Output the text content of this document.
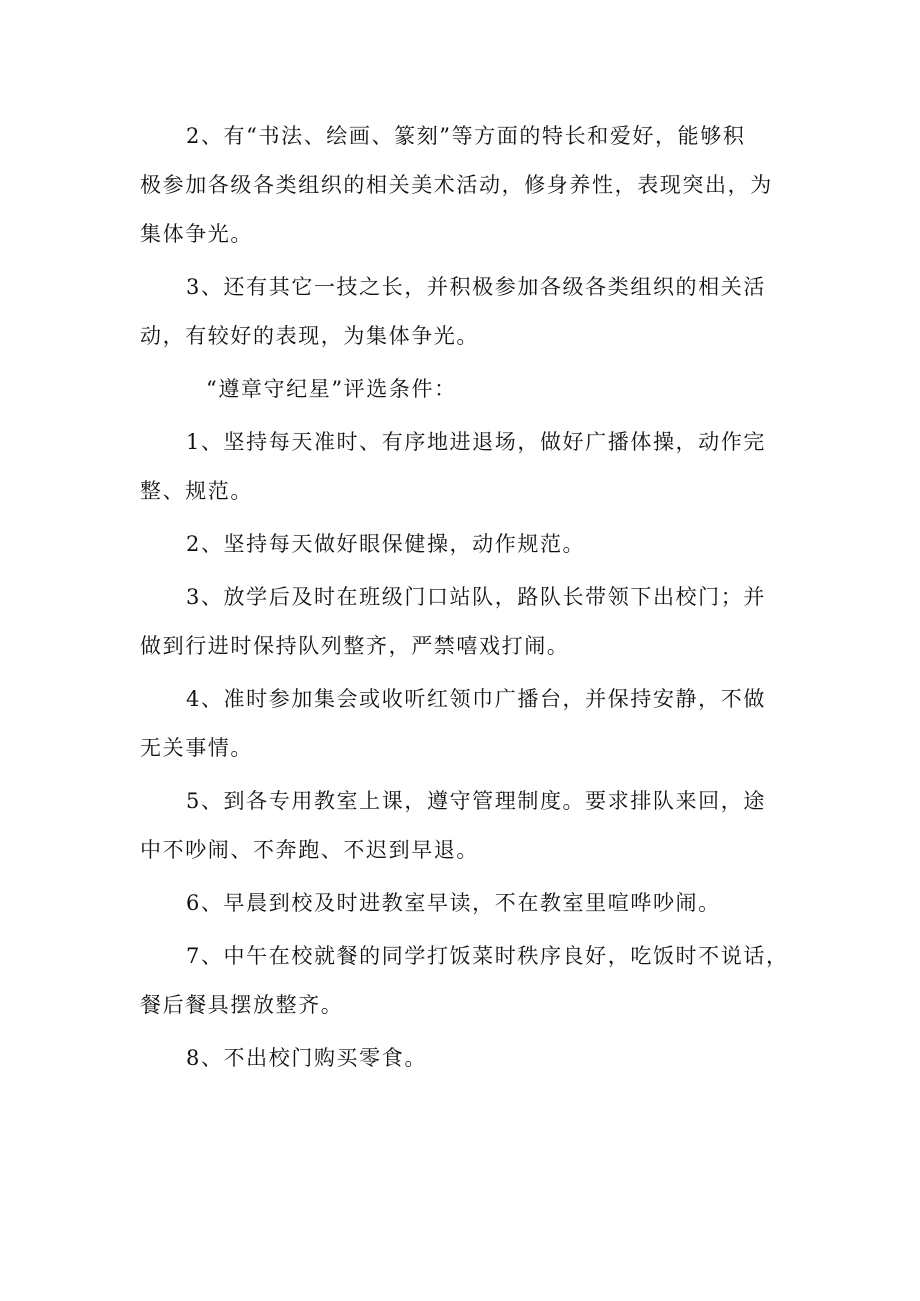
2、有“书法、绘画、篆刻”等方面的特长和爱好，能够积
极参加各级各类组织的相关美术活动，修身养性，表现突出，为
集体争光。

3、还有其它一技之长，并积极参加各级各类组织的相关活
动，有较好的表现，为集体争光。

“遵章守纪星”评选条件：

1、坚持每天准时、有序地进退场，做好广播体操，动作完
整、规范。

2、坚持每天做好眼保健操，动作规范。

3、放学后及时在班级门口站队，路队长带领下出校门；并
做到行进时保持队列整齐，严禁嘻戏打闹。

4、准时参加集会或收听红领巾广播台，并保持安静，不做
无关事情。

5、到各专用教室上课，遵守管理制度。要求排队来回，途
中不吵闹、不奔跑、不迟到早退。

6、早晨到校及时进教室早读，不在教室里喧哗吵闹。

7、中午在校就餐的同学打饭菜时秩序良好，吃饭时不说话，
餐后餐具摆放整齐。

8、不出校门购买零食。
